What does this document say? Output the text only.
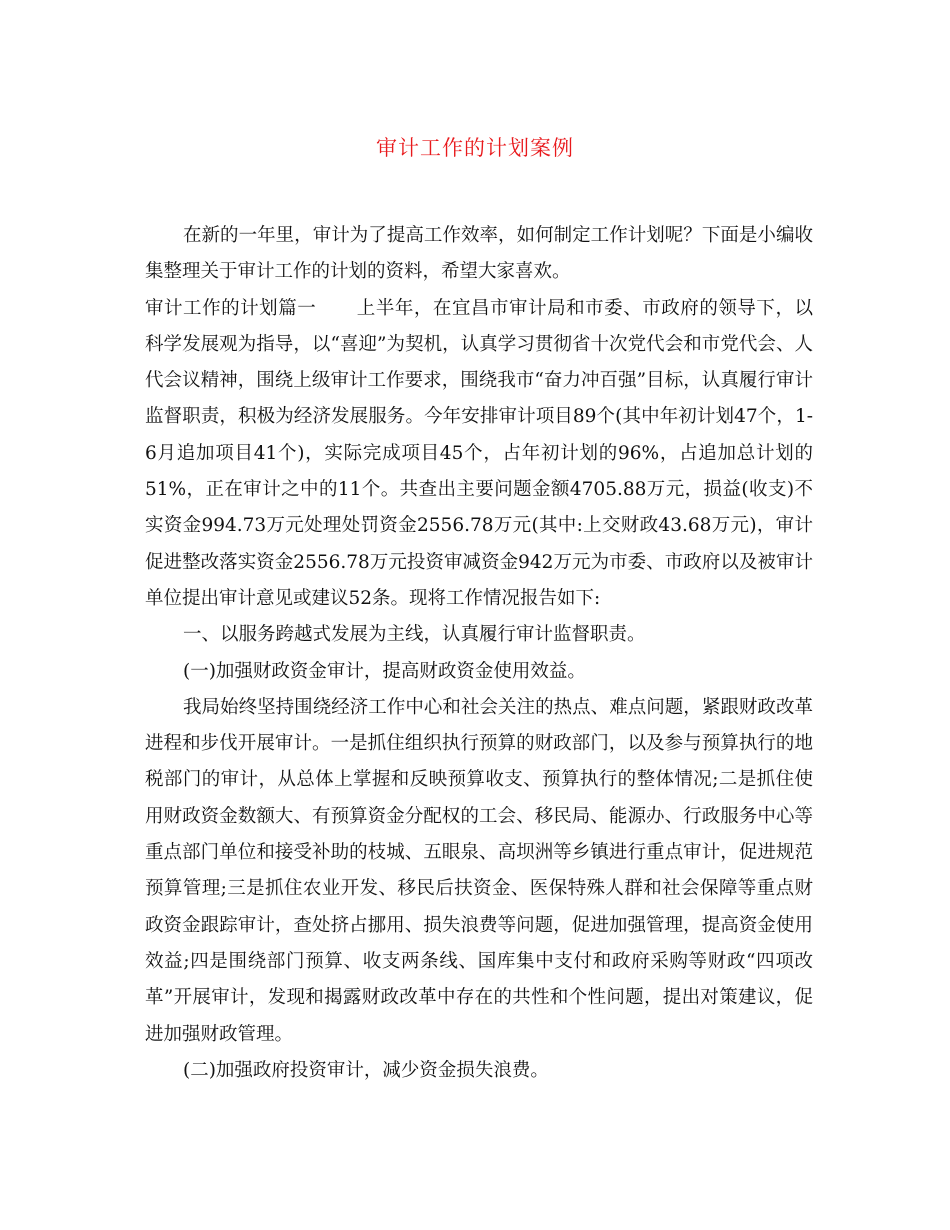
审计工作的计划案例

在新的一年里，审计为了提高工作效率，如何制定工作计划呢？下面是小编收集整理关于审计工作的计划的资料，希望大家喜欢。

审计工作的计划篇一 上半年，在宜昌市审计局和市委、市政府的领导下，以科学发展观为指导，以“喜迎”为契机，认真学习贯彻省十次党代会和市党代会、人代会议精神，围绕上级审计工作要求，围绕我市“奋力冲百强”目标，认真履行审计监督职责，积极为经济发展服务。今年安排审计项目89个(其中年初计划47个，1-6月追加项目41个)，实际完成项目45个，占年初计划的96%，占追加总计划的51%，正在审计之中的11个。共查出主要问题金额4705.88万元，损益(收支)不实资金994.73万元处理处罚资金2556.78万元(其中:上交财政43.68万元)，审计促进整改落实资金2556.78万元投资审减资金942万元为市委、市政府以及被审计单位提出审计意见或建议52条。现将工作情况报告如下:

一、以服务跨越式发展为主线，认真履行审计监督职责。

(一)加强财政资金审计，提高财政资金使用效益。

我局始终坚持围绕经济工作中心和社会关注的热点、难点问题，紧跟财政改革进程和步伐开展审计。一是抓住组织执行预算的财政部门，以及参与预算执行的地税部门的审计，从总体上掌握和反映预算收支、预算执行的整体情况;二是抓住使用财政资金数额大、有预算资金分配权的工会、移民局、能源办、行政服务中心等重点部门单位和接受补助的枝城、五眼泉、高坝洲等乡镇进行重点审计，促进规范预算管理;三是抓住农业开发、移民后扶资金、医保特殊人群和社会保障等重点财政资金跟踪审计，查处挤占挪用、损失浪费等问题，促进加强管理，提高资金使用效益;四是围绕部门预算、收支两条线、国库集中支付和政府采购等财政“四项改革”开展审计，发现和揭露财政改革中存在的共性和个性问题，提出对策建议，促进加强财政管理。

(二)加强政府投资审计，减少资金损失浪费。
